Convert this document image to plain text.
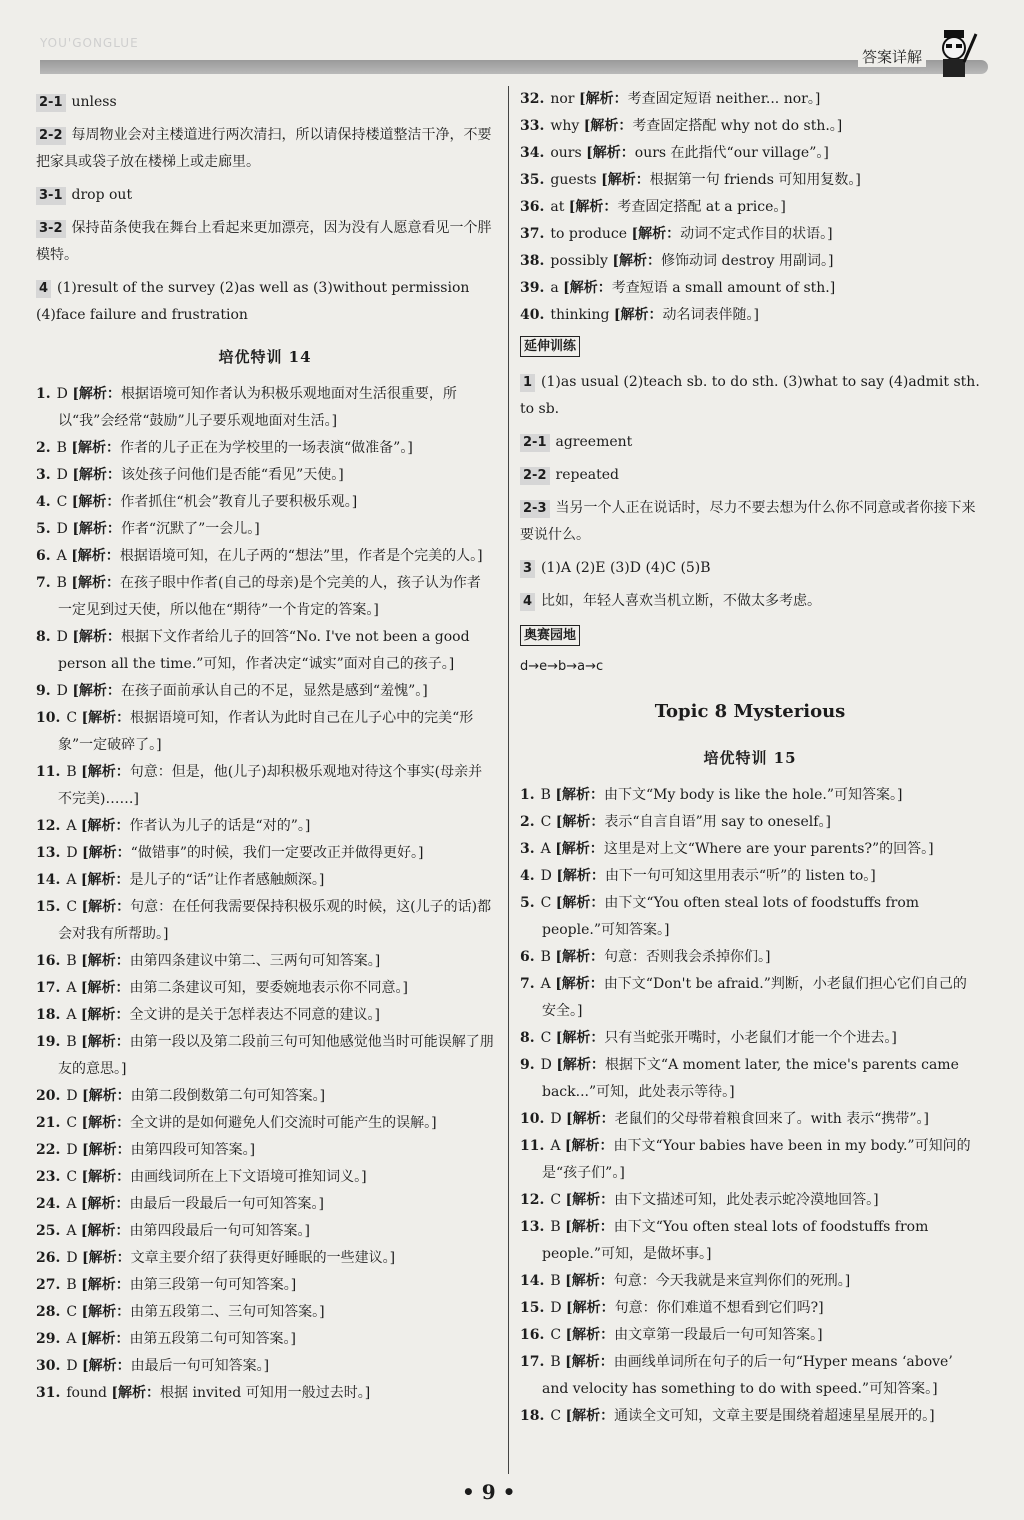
YOU'GONGLUE
答案详解
2-1 unless
2-2 每周物业会对主楼道进行两次清扫，所以请保持楼道整洁干净，不要把家具或袋子放在楼梯上或走廊里。
3-1 drop out
3-2 保持苗条使我在舞台上看起来更加漂亮，因为没有人愿意看见一个胖模特。
4 (1)result of the survey (2)as well as (3)without permission (4)face failure and frustration
培优特训 14
1. D [解析：根据语境可知作者认为积极乐观地面对生活很重要，所以“我”会经常“鼓励”儿子要乐观地面对生活。]
2. B [解析：作者的儿子正在为学校里的一场表演“做准备”。]
3. D [解析：该处孩子问他们是否能“看见”天使。]
4. C [解析：作者抓住“机会”教育儿子要积极乐观。]
5. D [解析：作者“沉默了”一会儿。]
6. A [解析：根据语境可知，在儿子两的“想法”里，作者是个完美的人。]
7. B [解析：在孩子眼中作者(自己的母亲)是个完美的人，孩子认为作者一定见到过天使，所以他在“期待”一个肯定的答案。]
8. D [解析：根据下文作者给儿子的回答“No. I've not been a good person all the time.”可知，作者决定“诚实”面对自己的孩子。]
9. D [解析：在孩子面前承认自己的不足，显然是感到“羞愧”。]
10. C [解析：根据语境可知，作者认为此时自己在儿子心中的完美“形象”一定破碎了。]
11. B [解析：句意：但是，他(儿子)却积极乐观地对待这个事实(母亲并不完美)……]
12. A [解析：作者认为儿子的话是“对的”。]
13. D [解析：“做错事”的时候，我们一定要改正并做得更好。]
14. A [解析：是儿子的“话”让作者感触颇深。]
15. C [解析：句意：在任何我需要保持积极乐观的时候，这(儿子的话)都会对我有所帮助。]
16. B [解析：由第四条建议中第二、三两句可知答案。]
17. A [解析：由第二条建议可知，要委婉地表示你不同意。]
18. A [解析：全文讲的是关于怎样表达不同意的建议。]
19. B [解析：由第一段以及第二段前三句可知他感觉他当时可能误解了朋友的意思。]
20. D [解析：由第二段倒数第二句可知答案。]
21. C [解析：全文讲的是如何避免人们交流时可能产生的误解。]
22. D [解析：由第四段可知答案。]
23. C [解析：由画线词所在上下文语境可推知词义。]
24. A [解析：由最后一段最后一句可知答案。]
25. A [解析：由第四段最后一句可知答案。]
26. D [解析：文章主要介绍了获得更好睡眠的一些建议。]
27. B [解析：由第三段第一句可知答案。]
28. C [解析：由第五段第二、三句可知答案。]
29. A [解析：由第五段第二句可知答案。]
30. D [解析：由最后一句可知答案。]
31. found [解析：根据 invited 可知用一般过去时。]
32. nor [解析：考查固定短语 neither... nor。]
33. why [解析：考查固定搭配 why not do sth.。]
34. ours [解析：ours 在此指代“our village”。]
35. guests [解析：根据第一句 friends 可知用复数。]
36. at [解析：考查固定搭配 at a price。]
37. to produce [解析：动词不定式作目的状语。]
38. possibly [解析：修饰动词 destroy 用副词。]
39. a [解析：考查短语 a small amount of sth.]
40. thinking [解析：动名词表伴随。]
延伸训练
1 (1)as usual (2)teach sb. to do sth. (3)what to say (4)admit sth. to sb.
2-1 agreement
2-2 repeated
2-3 当另一个人正在说话时，尽力不要去想为什么你不同意或者你接下来要说什么。
3 (1)A (2)E (3)D (4)C (5)B
4 比如，年轻人喜欢当机立断，不做太多考虑。
奥赛园地
d→e→b→a→c
Topic 8 Mysterious
培优特训 15
1. B [解析：由下文“My body is like the hole.”可知答案。]
2. C [解析：表示“自言自语”用 say to oneself。]
3. A [解析：这里是对上文“Where are your parents?”的回答。]
4. D [解析：由下一句可知这里用表示“听”的 listen to。]
5. C [解析：由下文“You often steal lots of foodstuffs from people.”可知答案。]
6. B [解析：句意：否则我会杀掉你们。]
7. A [解析：由下文“Don't be afraid.”判断，小老鼠们担心它们自己的安全。]
8. C [解析：只有当蛇张开嘴时，小老鼠们才能一个个进去。]
9. D [解析：根据下文“A moment later, the mice's parents came back...”可知，此处表示等待。]
10. D [解析：老鼠们的父母带着粮食回来了。with 表示“携带”。]
11. A [解析：由下文“Your babies have been in my body.”可知问的是“孩子们”。]
12. C [解析：由下文描述可知，此处表示蛇冷漠地回答。]
13. B [解析：由下文“You often steal lots of foodstuffs from people.”可知，是做坏事。]
14. B [解析：句意：今天我就是来宣判你们的死刑。]
15. D [解析：句意：你们难道不想看到它们吗?]
16. C [解析：由文章第一段最后一句可知答案。]
17. B [解析：由画线单词所在句子的后一句“Hyper means ‘above’ and velocity has something to do with speed.”可知答案。]
18. C [解析：通读全文可知，文章主要是围绕着超速星星展开的。]
• 9 •
